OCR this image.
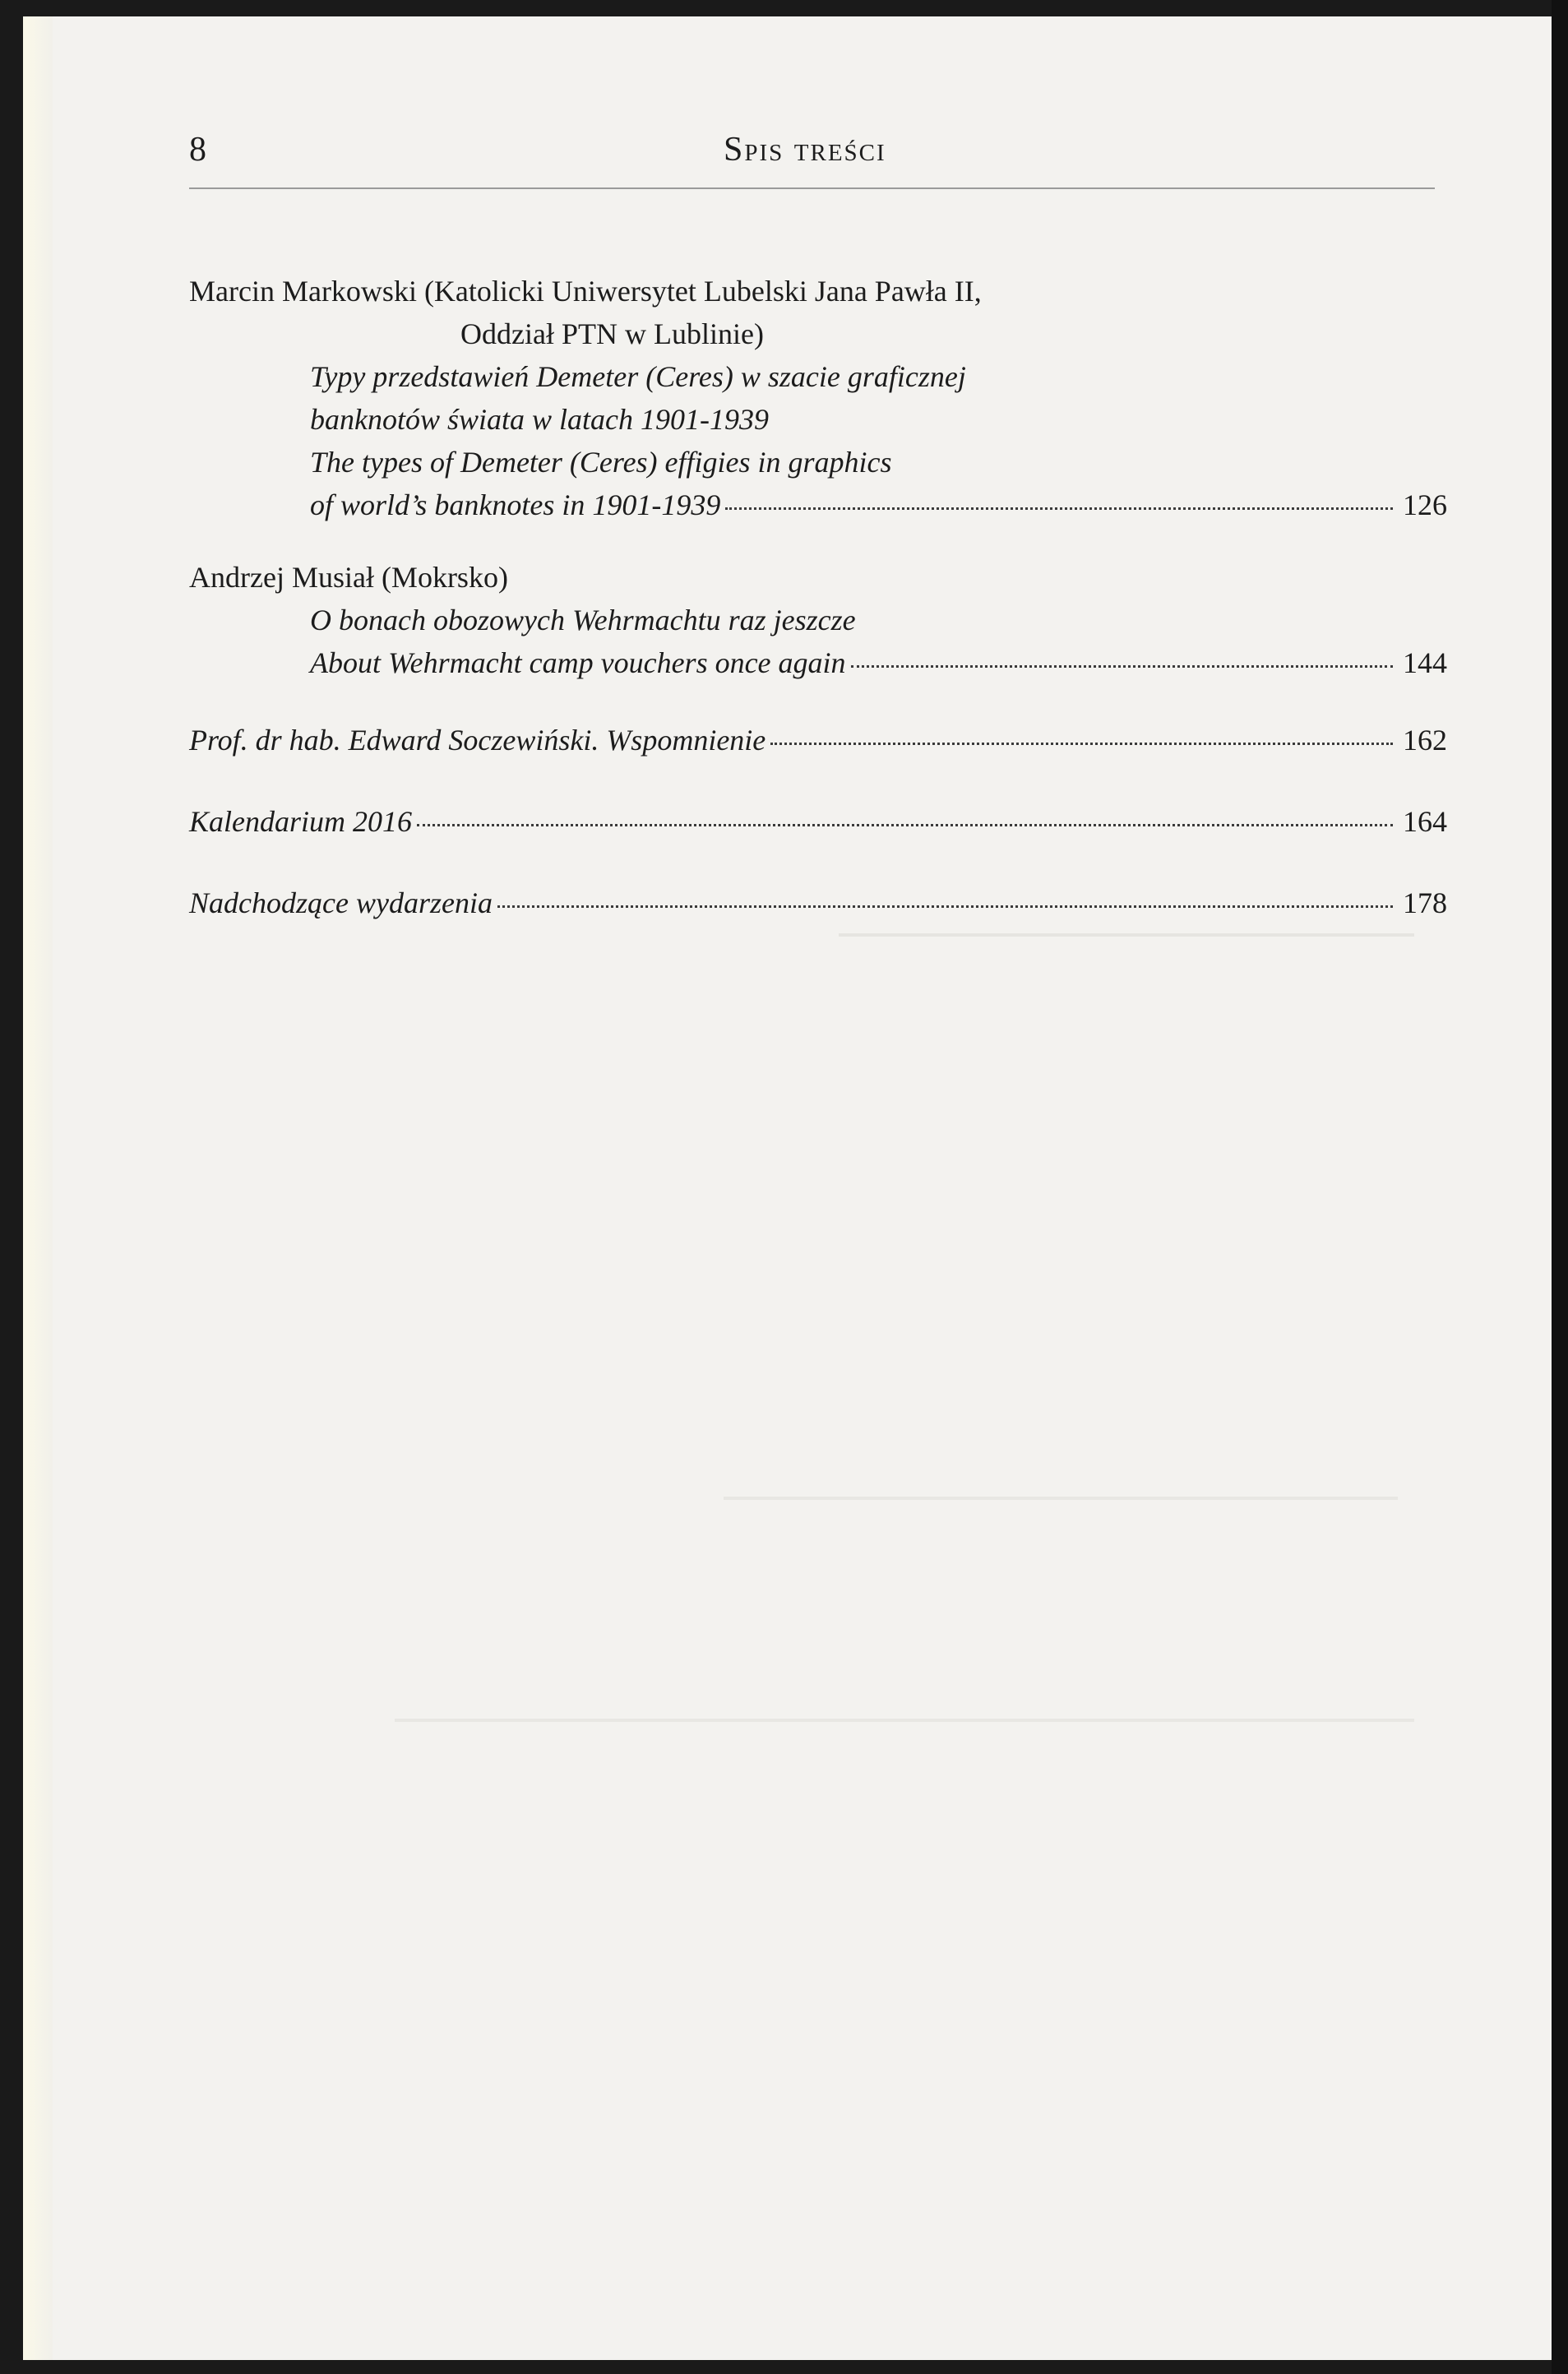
8	Spis treści
Marcin Markowski (Katolicki Uniwersytet Lubelski Jana Pawła II,
Oddział PTN w Lublinie)
Typy przedstawień Demeter (Ceres) w szacie graficznej
banknotów świata w latach 1901-1939
The types of Demeter (Ceres) effigies in graphics
of world’s banknotes in 1901-1939	126
Andrzej Musiał (Mokrsko)
O bonach obozowych Wehrmachtu raz jeszcze
About Wehrmacht camp vouchers once again	144
Prof. dr hab. Edward Soczewiński. Wspomnienie	162
Kalendarium 2016	164
Nadchodzące wydarzenia	178
